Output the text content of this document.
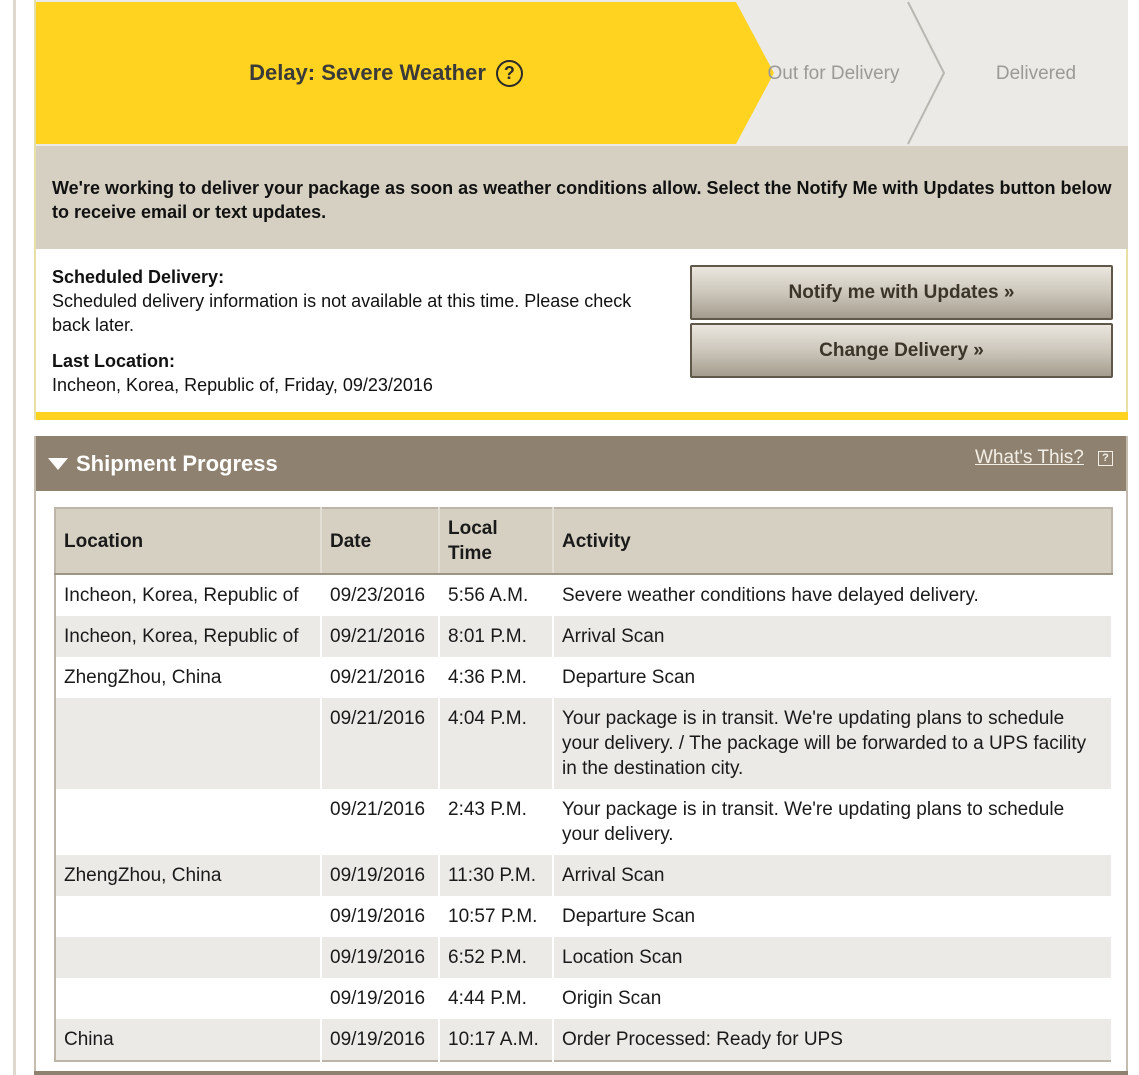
Delay: Severe Weather	?	Out for Delivery	Delivered
We're working to deliver your package as soon as weather conditions allow. Select the Notify Me with Updates button below to receive email or text updates.
Scheduled Delivery:
Scheduled delivery information is not available at this time. Please check back later.
Last Location:
Incheon, Korea, Republic of, Friday, 09/23/2016
Notify me with Updates »
Change Delivery »
Shipment Progress	What's This?	?
Location	Date	Local Time	Activity
Incheon, Korea, Republic of	09/23/2016	5:56 A.M.	Severe weather conditions have delayed delivery.
Incheon, Korea, Republic of	09/21/2016	8:01 P.M.	Arrival Scan
ZhengZhou, China	09/21/2016	4:36 P.M.	Departure Scan
	09/21/2016	4:04 P.M.	Your package is in transit. We're updating plans to schedule your delivery. / The package will be forwarded to a UPS facility in the destination city.
	09/21/2016	2:43 P.M.	Your package is in transit. We're updating plans to schedule your delivery.
ZhengZhou, China	09/19/2016	11:30 P.M.	Arrival Scan
	09/19/2016	10:57 P.M.	Departure Scan
	09/19/2016	6:52 P.M.	Location Scan
	09/19/2016	4:44 P.M.	Origin Scan
China	09/19/2016	10:17 A.M.	Order Processed: Ready for UPS
